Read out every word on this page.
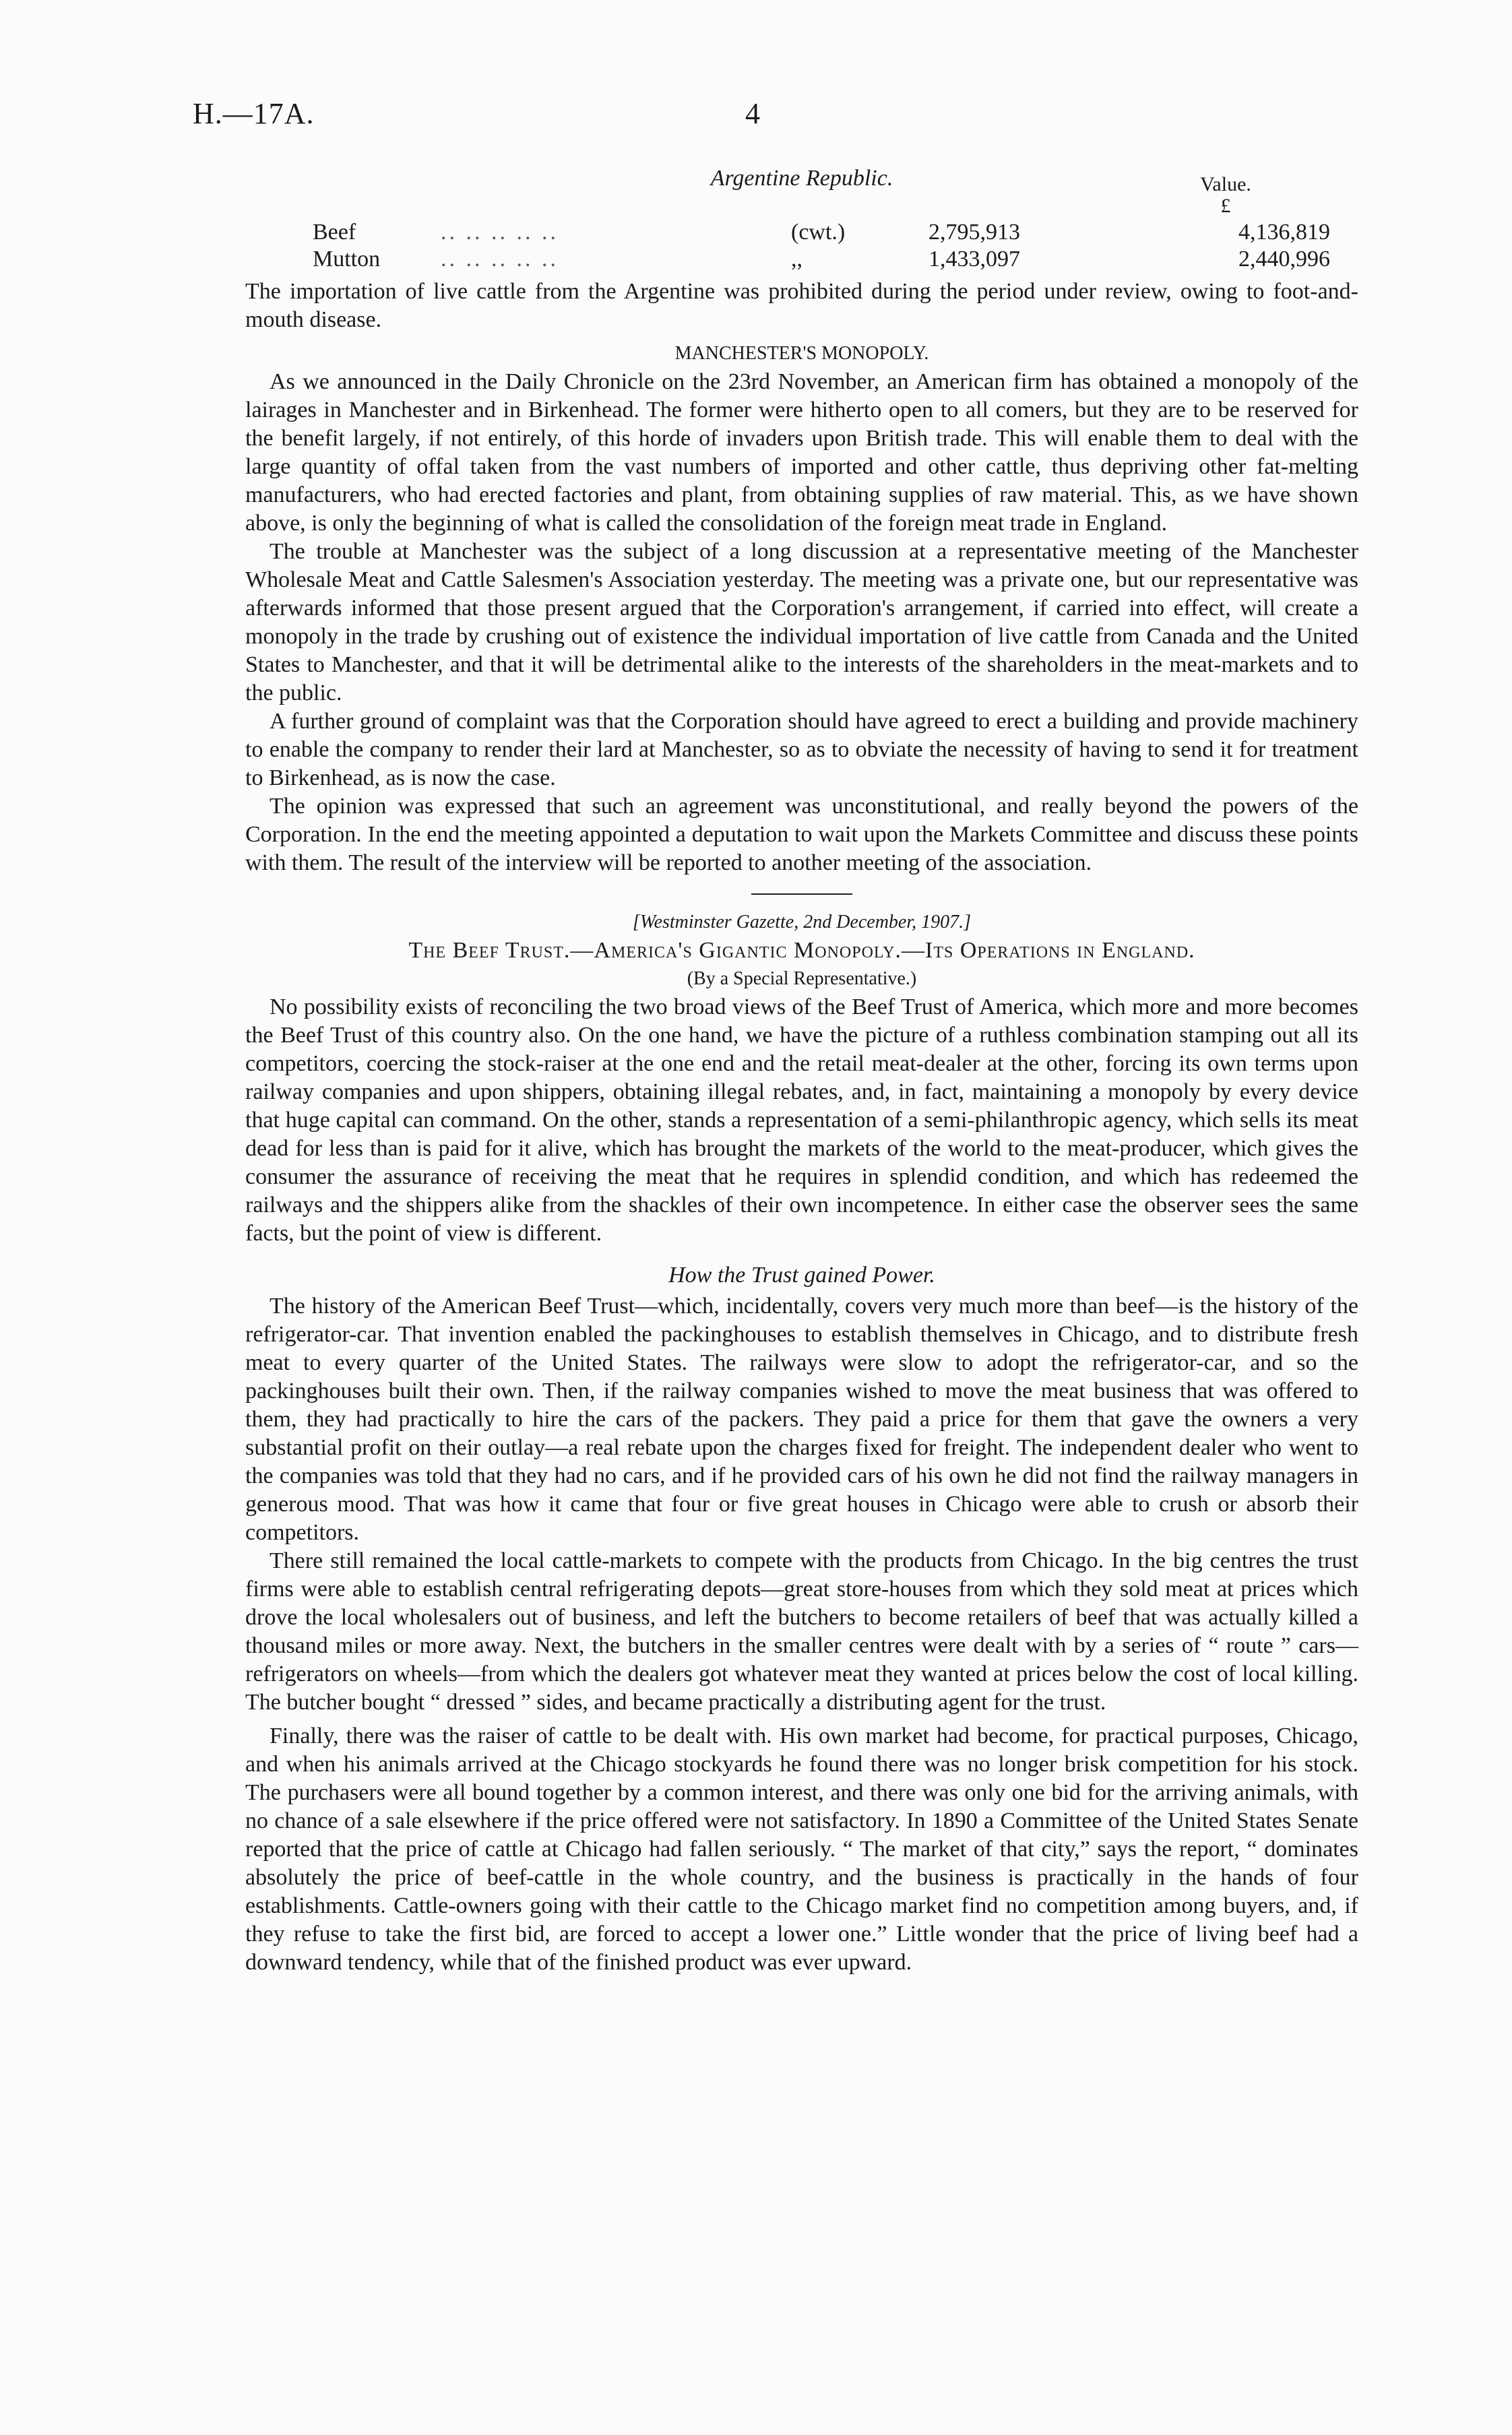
H.—17A.	4
Argentine Republic.	Value.
£
Beef	.. .. .. .. ..	(cwt.)	2,795,913	4,136,819
Mutton	.. .. .. .. ..	,,	1,433,097	2,440,996

The importation of live cattle from the Argentine was prohibited during the period under review, owing to foot-and-mouth disease.

MANCHESTER'S MONOPOLY.

As we announced in the Daily Chronicle on the 23rd November, an American firm has obtained a monopoly of the lairages in Manchester and in Birkenhead. The former were hitherto open to all comers, but they are to be reserved for the benefit largely, if not entirely, of this horde of invaders upon British trade. This will enable them to deal with the large quantity of offal taken from the vast numbers of imported and other cattle, thus depriving other fat-melting manufacturers, who had erected factories and plant, from obtaining supplies of raw material. This, as we have shown above, is only the beginning of what is called the consolidation of the foreign meat trade in England.

The trouble at Manchester was the subject of a long discussion at a representative meeting of the Manchester Wholesale Meat and Cattle Salesmen's Association yesterday. The meeting was a private one, but our representative was afterwards informed that those present argued that the Corporation's arrangement, if carried into effect, will create a monopoly in the trade by crushing out of existence the individual importation of live cattle from Canada and the United States to Manchester, and that it will be detrimental alike to the interests of the shareholders in the meat-markets and to the public.

A further ground of complaint was that the Corporation should have agreed to erect a building and provide machinery to enable the company to render their lard at Manchester, so as to obviate the necessity of having to send it for treatment to Birkenhead, as is now the case.

The opinion was expressed that such an agreement was unconstitutional, and really beyond the powers of the Corporation. In the end the meeting appointed a deputation to wait upon the Markets Committee and discuss these points with them. The result of the interview will be reported to another meeting of the association.

[Westminster Gazette, 2nd December, 1907.]
The Beef Trust.—America's Gigantic Monopoly.—Its Operations in England.
(By a Special Representative.)

No possibility exists of reconciling the two broad views of the Beef Trust of America, which more and more becomes the Beef Trust of this country also. On the one hand, we have the picture of a ruthless combination stamping out all its competitors, coercing the stock-raiser at the one end and the retail meat-dealer at the other, forcing its own terms upon railway companies and upon shippers, obtaining illegal rebates, and, in fact, maintaining a monopoly by every device that huge capital can command. On the other, stands a representation of a semi-philanthropic agency, which sells its meat dead for less than is paid for it alive, which has brought the markets of the world to the meat-producer, which gives the consumer the assurance of receiving the meat that he requires in splendid condition, and which has redeemed the railways and the shippers alike from the shackles of their own incompetence. In either case the observer sees the same facts, but the point of view is different.

How the Trust gained Power.

The history of the American Beef Trust—which, incidentally, covers very much more than beef—is the history of the refrigerator-car. That invention enabled the packinghouses to establish themselves in Chicago, and to distribute fresh meat to every quarter of the United States. The railways were slow to adopt the refrigerator-car, and so the packinghouses built their own. Then, if the railway companies wished to move the meat business that was offered to them, they had practically to hire the cars of the packers. They paid a price for them that gave the owners a very substantial profit on their outlay—a real rebate upon the charges fixed for freight. The independent dealer who went to the companies was told that they had no cars, and if he provided cars of his own he did not find the railway managers in generous mood. That was how it came that four or five great houses in Chicago were able to crush or absorb their competitors.

There still remained the local cattle-markets to compete with the products from Chicago. In the big centres the trust firms were able to establish central refrigerating depots—great store-houses from which they sold meat at prices which drove the local wholesalers out of business, and left the butchers to become retailers of beef that was actually killed a thousand miles or more away. Next, the butchers in the smaller centres were dealt with by a series of “ route ” cars—refrigerators on wheels—from which the dealers got whatever meat they wanted at prices below the cost of local killing. The butcher bought “ dressed ” sides, and became practically a distributing agent for the trust.

Finally, there was the raiser of cattle to be dealt with. His own market had become, for practical purposes, Chicago, and when his animals arrived at the Chicago stockyards he found there was no longer brisk competition for his stock. The purchasers were all bound together by a common interest, and there was only one bid for the arriving animals, with no chance of a sale elsewhere if the price offered were not satisfactory. In 1890 a Committee of the United States Senate reported that the price of cattle at Chicago had fallen seriously. “ The market of that city,” says the report, “ dominates absolutely the price of beef-cattle in the whole country, and the business is practically in the hands of four establishments. Cattle-owners going with their cattle to the Chicago market find no competition among buyers, and, if they refuse to take the first bid, are forced to accept a lower one.” Little wonder that the price of living beef had a downward tendency, while that of the finished product was ever upward.
